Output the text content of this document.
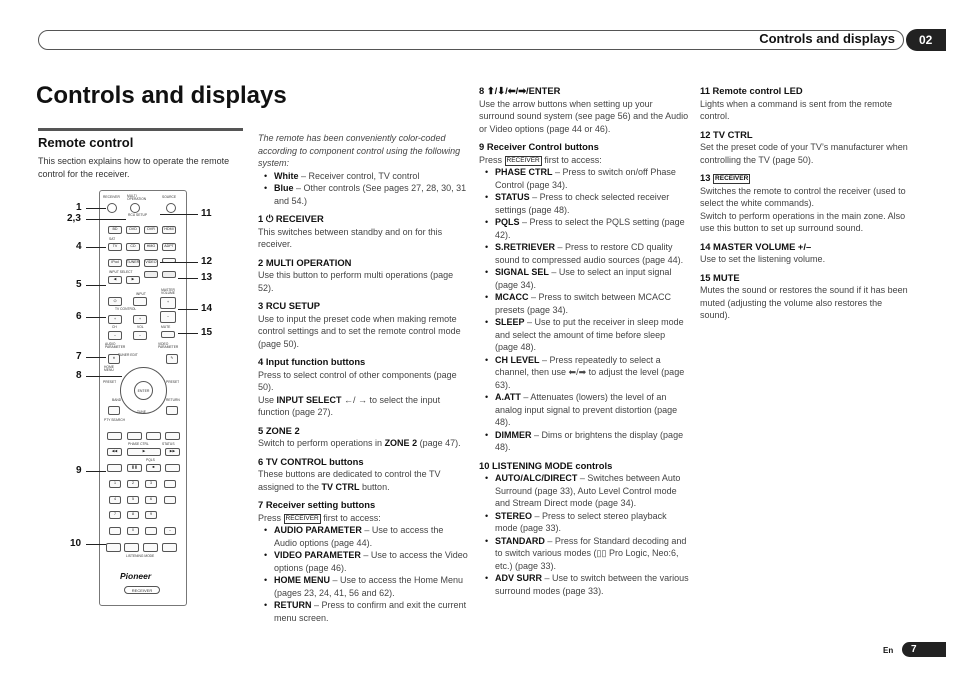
Controls and displays	02
Controls and displays
Remote control
This section explains how to operate the remote control for the receiver.
RECEIVER MULTI OPERATION
SOURCE
RCU SETUP
BD	DVD	DVR	HDMI
SAT
TV	CD	HMG	ADPT
iPod	TUNER	VIDEO
INPUT SELECT
◀	▶
INPUT
MASTER VOLUME
⏻
TV CONTROL
+	+
CH	VOL
–	–
+
–
MUTE
AUDIO PARAMETER
VIDEO PARAMETER
✕	✎
TUNER EDIT
ENTER
PRESET	PRESET
HOME MENU
BAND	RETURN
TUNE
PTY SEARCH
PHASE CTRL	STATUS
◀◀	▶	▶▶
PQLS
❚❚	■
1	2	3
4	5	6
7	8	9
0	–
LISTENING MODE
Pioneer
RECEIVER
1
2,3
4
5
6
7
8
9
10
11
12
13
14
15

The remote has been conveniently color-coded according to component control using the following system:

• White – Receiver control, TV control
• Blue – Other controls (See pages 27, 28, 30, 31 and 54.)
1 ⏻ RECEIVER

This switches between standby and on for this receiver.

2 MULTI OPERATION

Use this button to perform multi operations (page 52).

3 RCU SETUP

Use to input the preset code when making remote control settings and to set the remote control mode (page 50).

4 Input function buttons

Press to select control of other components (page 50).

Use INPUT SELECT ←/ → to select the input function (page 27).

5 ZONE 2

Switch to perform operations in ZONE 2 (page 47).

6 TV CONTROL buttons

These buttons are dedicated to control the TV assigned to the TV CTRL button.

7 Receiver setting buttons

Press RECEIVER first to access:

• AUDIO PARAMETER – Use to access the Audio options (page 44).
• VIDEO PARAMETER – Use to access the Video options (page 46).
• HOME MENU – Use to access the Home Menu (pages 23, 24, 41, 56 and 62).
• RETURN – Press to confirm and exit the current menu screen.
8 ⬆/⬇/⬅/➡/ENTER

Use the arrow buttons when setting up your surround sound system (see page 56) and the Audio or Video options (page 44 or 46).

9 Receiver Control buttons

Press RECEIVER first to access:

• PHASE CTRL – Press to switch on/off Phase Control (page 34).
• STATUS – Press to check selected receiver settings (page 48).
• PQLS – Press to select the PQLS setting (page 42).
• S.RETRIEVER – Press to restore CD quality sound to compressed audio sources (page 44).
• SIGNAL SEL – Use to select an input signal (page 34).
• MCACC – Press to switch between MCACC presets (page 34).
• SLEEP – Use to put the receiver in sleep mode and select the amount of time before sleep (page 48).
• CH LEVEL – Press repeatedly to select a channel, then use ⬅/➡ to adjust the level (page 63).
• A.ATT – Attenuates (lowers) the level of an analog input signal to prevent distortion (page 48).
• DIMMER – Dims or brightens the display (page 48).
10 LISTENING MODE controls
• AUTO/ALC/DIRECT – Switches between Auto Surround (page 33), Auto Level Control mode and Stream Direct mode (page 34).
• STEREO – Press to select stereo playback mode (page 33).
• STANDARD – Press for Standard decoding and to switch various modes (▯▯ Pro Logic, Neo:6, etc.) (page 33).
• ADV SURR – Use to switch between the various surround modes (page 33).
11 Remote control LED

Lights when a command is sent from the remote control.

12 TV CTRL

Set the preset code of your TV’s manufacturer when controlling the TV (page 50).

13 RECEIVER

Switches the remote to control the receiver (used to select the white commands).

Switch to perform operations in the main zone. Also use this button to set up surround sound.

14 MASTER VOLUME +/–

Use to set the listening volume.

15 MUTE

Mutes the sound or restores the sound if it has been muted (adjusting the volume also restores the sound).

En	7
